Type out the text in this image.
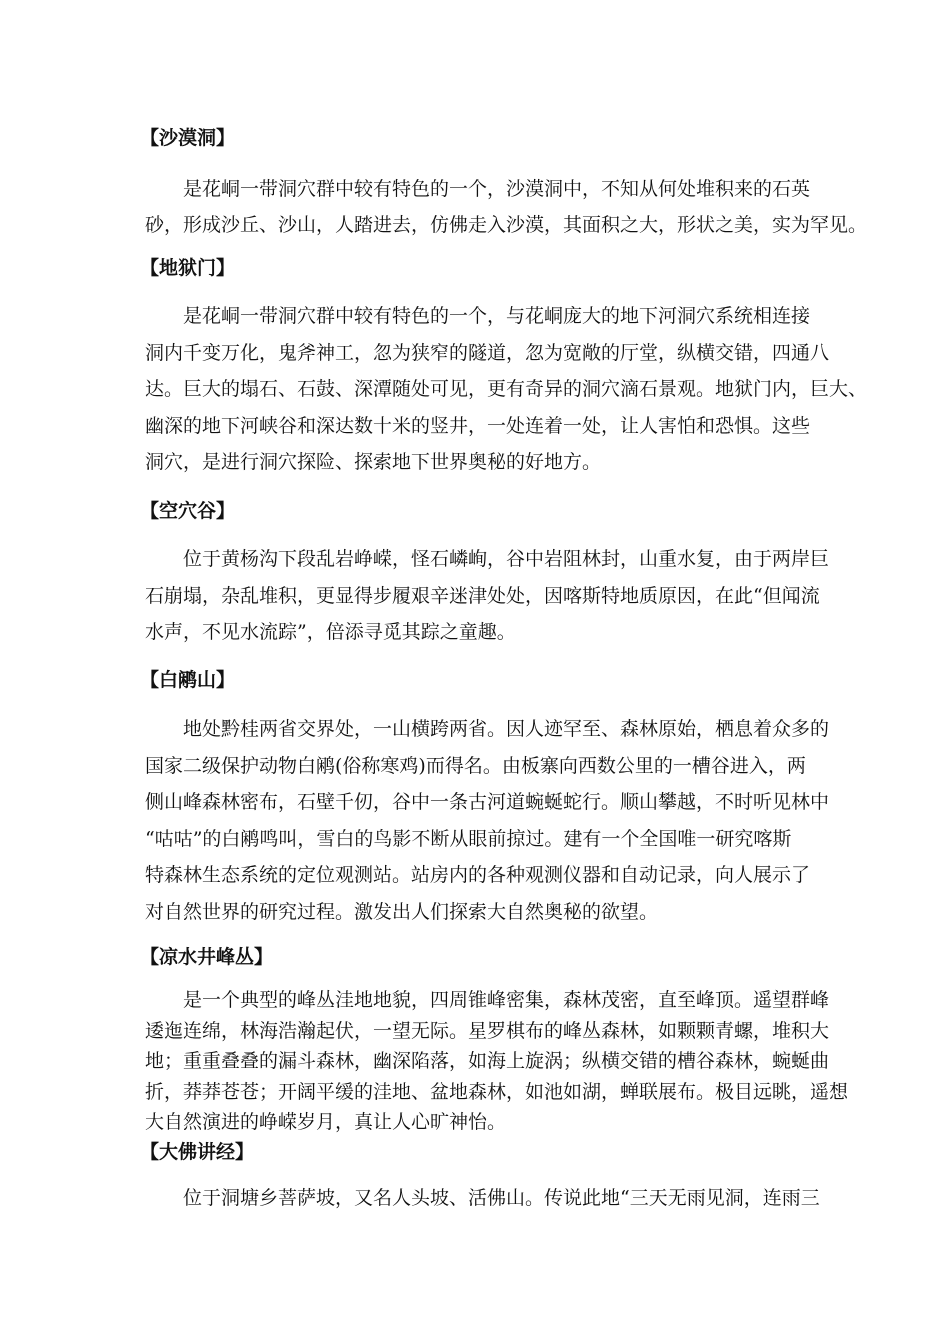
【沙漠洞】

是花峒一带洞穴群中较有特色的一个，沙漠洞中，不知从何处堆积来的石英
砂，形成沙丘、沙山，人踏进去，仿佛走入沙漠，其面积之大，形状之美，实为罕见。

【地狱门】

是花峒一带洞穴群中较有特色的一个，与花峒庞大的地下河洞穴系统相连接
洞内千变万化，鬼斧神工，忽为狭窄的隧道，忽为宽敞的厅堂，纵横交错，四通八
达。巨大的塌石、石鼓、深潭随处可见，更有奇异的洞穴滴石景观。地狱门内，巨大、
幽深的地下河峡谷和深达数十米的竖井，一处连着一处，让人害怕和恐惧。这些
洞穴，是进行洞穴探险、探索地下世界奥秘的好地方。

【空穴谷】

位于黄杨沟下段乱岩峥嵘，怪石嶙峋，谷中岩阻林封，山重水复，由于两岸巨
石崩塌，杂乱堆积，更显得步履艰辛迷津处处，因喀斯特地质原因，在此“但闻流
水声，不见水流踪”，倍添寻觅其踪之童趣。

【白鹇山】

地处黔桂两省交界处，一山横跨两省。因人迹罕至、森林原始，栖息着众多的
国家二级保护动物白鹇(俗称寒鸡)而得名。由板寨向西数公里的一槽谷进入，两
侧山峰森林密布，石壁千仞，谷中一条古河道蜿蜒蛇行。顺山攀越，不时听见林中
“咕咕”的白鹇鸣叫，雪白的鸟影不断从眼前掠过。建有一个全国唯一研究喀斯
特森林生态系统的定位观测站。站房内的各种观测仪器和自动记录，向人展示了
对自然世界的研究过程。激发出人们探索大自然奥秘的欲望。

【凉水井峰丛】

是一个典型的峰丛洼地地貌，四周锥峰密集，森林茂密，直至峰顶。遥望群峰
逶迤连绵，林海浩瀚起伏，一望无际。星罗棋布的峰丛森林，如颗颗青螺，堆积大
地；重重叠叠的漏斗森林，幽深陷落，如海上旋涡；纵横交错的槽谷森林，蜿蜒曲
折，莽莽苍苍；开阔平缓的洼地、盆地森林，如池如湖，蝉联展布。极目远眺，遥想
大自然演进的峥嵘岁月，真让人心旷神怡。

【大佛讲经】

位于洞塘乡菩萨坡，又名人头坡、活佛山。传说此地“三天无雨见洞，连雨三
